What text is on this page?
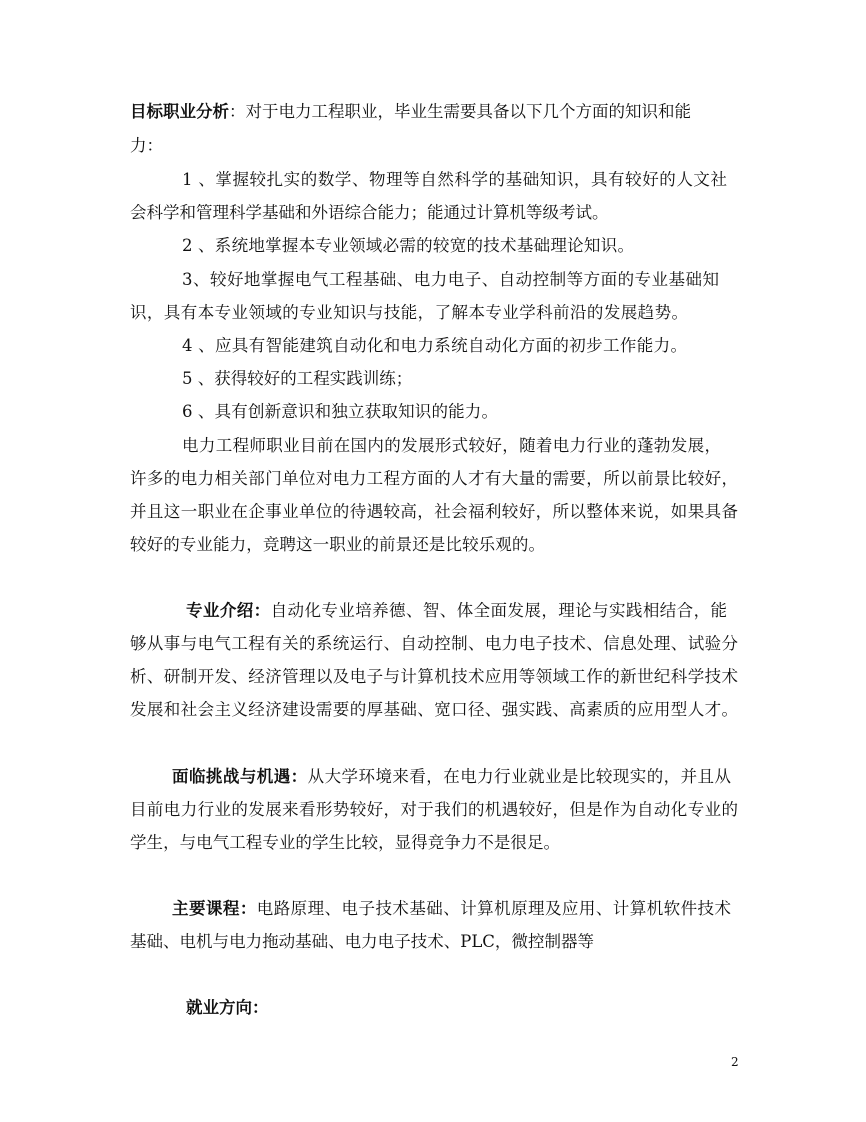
目标职业分析：对于电力工程职业，毕业生需要具备以下几个方面的知识和能
力：
1 、掌握较扎实的数学、物理等自然科学的基础知识，具有较好的人文社
会科学和管理科学基础和外语综合能力；能通过计算机等级考试。
2 、系统地掌握本专业领域必需的较宽的技术基础理论知识。
3、较好地掌握电气工程基础、电力电子、自动控制等方面的专业基础知
识，具有本专业领域的专业知识与技能，了解本专业学科前沿的发展趋势。
4 、应具有智能建筑自动化和电力系统自动化方面的初步工作能力。
5 、获得较好的工程实践训练；
6 、具有创新意识和独立获取知识的能力。
电力工程师职业目前在国内的发展形式较好，随着电力行业的蓬勃发展，
许多的电力相关部门单位对电力工程方面的人才有大量的需要，所以前景比较好，
并且这一职业在企事业单位的待遇较高，社会福利较好，所以整体来说，如果具备
较好的专业能力，竞聘这一职业的前景还是比较乐观的。
专业介绍：自动化专业培养德、智、体全面发展，理论与实践相结合，能
够从事与电气工程有关的系统运行、自动控制、电力电子技术、信息处理、试验分
析、研制开发、经济管理以及电子与计算机技术应用等领域工作的新世纪科学技术
发展和社会主义经济建设需要的厚基础、宽口径、强实践、高素质的应用型人才。
面临挑战与机遇：从大学环境来看，在电力行业就业是比较现实的，并且从
目前电力行业的发展来看形势较好，对于我们的机遇较好，但是作为自动化专业的
学生，与电气工程专业的学生比较，显得竞争力不是很足。
主要课程：电路原理、电子技术基础、计算机原理及应用、计算机软件技术
基础、电机与电力拖动基础、电力电子技术、PLC，微控制器等
就业方向：
2
